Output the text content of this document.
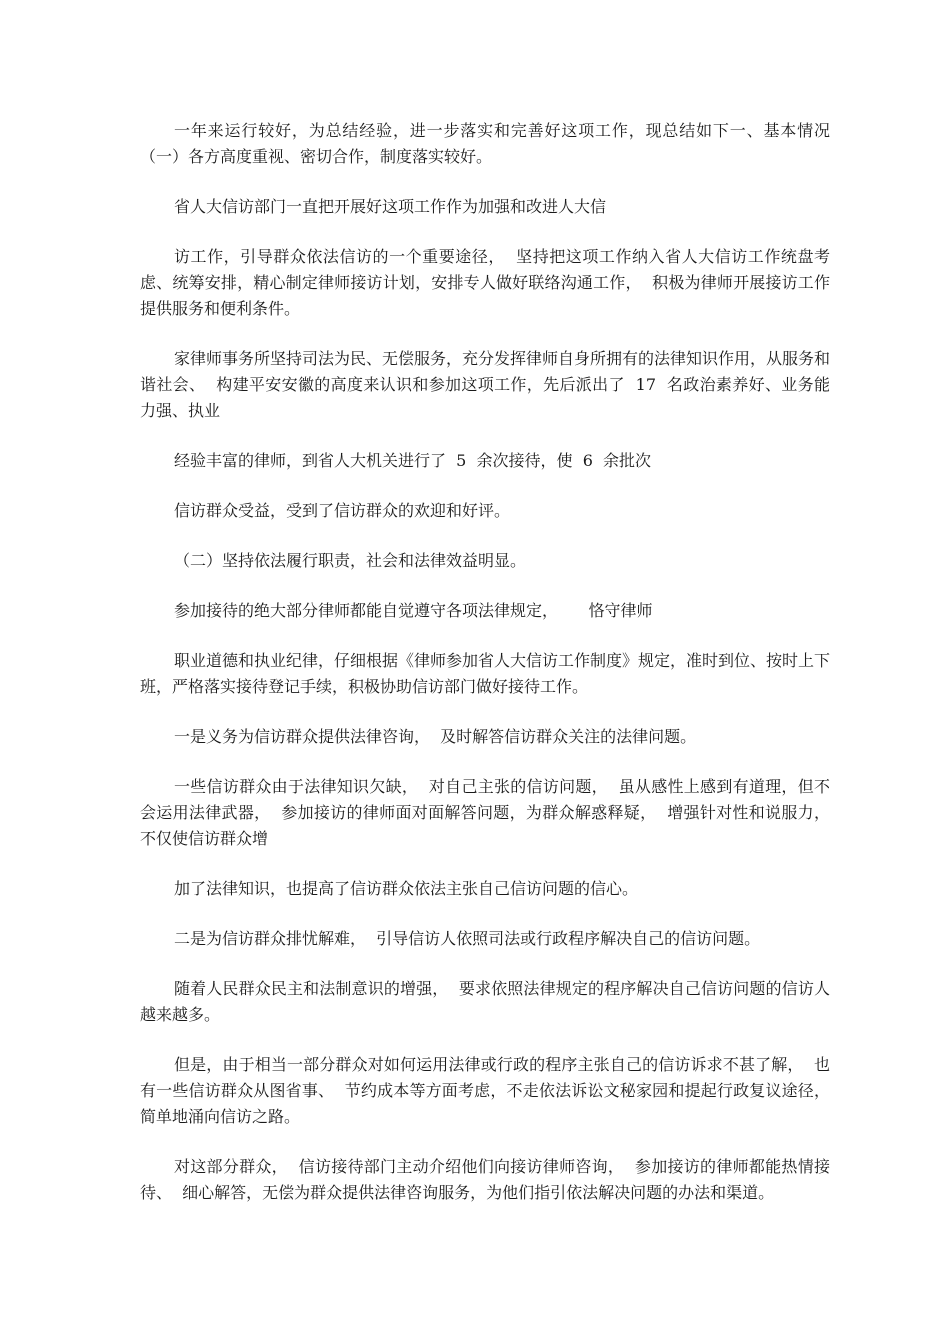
一年来运行较好，为总结经验，进一步落实和完善好这项工作，现总结如下一、基本情况（一）各方高度重视、密切合作，制度落实较好。

省人大信访部门一直把开展好这项工作作为加强和改进人大信

访工作，引导群众依法信访的一个重要途径，  坚持把这项工作纳入省人大信访工作统盘考虑、统筹安排，精心制定律师接访计划，安排专人做好联络沟通工作，  积极为律师开展接访工作提供服务和便利条件。

家律师事务所坚持司法为民、无偿服务，充分发挥律师自身所拥有的法律知识作用，从服务和谐社会、  构建平安安徽的高度来认识和参加这项工作，先后派出了  17  名政治素养好、业务能力强、执业

经验丰富的律师，到省人大机关进行了  5  余次接待，使  6  余批次

信访群众受益，受到了信访群众的欢迎和好评。

（二）坚持依法履行职责，社会和法律效益明显。

参加接待的绝大部分律师都能自觉遵守各项法律规定，      恪守律师

职业道德和执业纪律，仔细根据《律师参加省人大信访工作制度》规定，准时到位、按时上下班，严格落实接待登记手续，积极协助信访部门做好接待工作。

一是义务为信访群众提供法律咨询，  及时解答信访群众关注的法律问题。

一些信访群众由于法律知识欠缺，  对自己主张的信访问题，  虽从感性上感到有道理，但不会运用法律武器，  参加接访的律师面对面解答问题，为群众解惑释疑，  增强针对性和说服力，不仅使信访群众增

加了法律知识，也提高了信访群众依法主张自己信访问题的信心。

二是为信访群众排忧解难，  引导信访人依照司法或行政程序解决自己的信访问题。

随着人民群众民主和法制意识的增强，  要求依照法律规定的程序解决自己信访问题的信访人越来越多。

但是，由于相当一部分群众对如何运用法律或行政的程序主张自己的信访诉求不甚了解，  也有一些信访群众从图省事、  节约成本等方面考虑，不走依法诉讼文秘家园和提起行政复议途径，  简单地涌向信访之路。

对这部分群众，  信访接待部门主动介绍他们向接访律师咨询，  参加接访的律师都能热情接待、  细心解答，无偿为群众提供法律咨询服务，为他们指引依法解决问题的办法和渠道。
